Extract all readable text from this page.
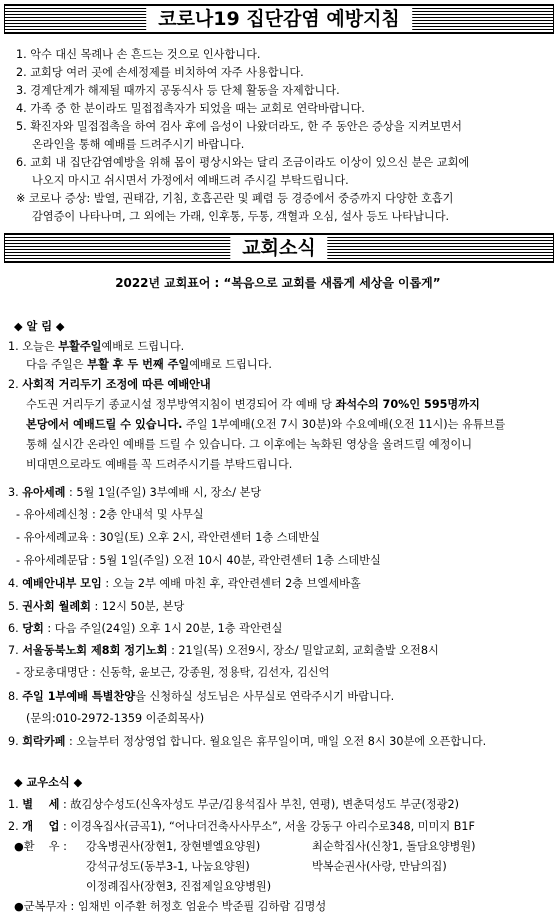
코로나19 집단감염 예방지침
1. 악수 대신 목례나 손 흔드는 것으로 인사합니다.
2. 교회당 여러 곳에 손세정제를 비치하여 자주 사용합니다.
3. 경계단계가 해제될 때까지 공동식사 등 단체 활동을 자제합니다.
4. 가족 중 한 분이라도 밀접접촉자가 되었을 때는 교회로 연락바랍니다.
5. 확진자와 밀접접촉을 하여 검사 후에 음성이 나왔더라도, 한 주 동안은 증상을 지켜보면서
온라인을 통해 예배를 드려주시기 바랍니다.
6. 교회 내 집단감염예방을 위해 몸이 평상시와는 달리 조금이라도 이상이 있으신 분은 교회에
나오지 마시고 쉬시면서 가정에서 예배드려 주시길 부탁드립니다.
※ 코로나 증상: 발열, 권태감, 기침, 호흡곤란 및 폐렴 등 경증에서 중증까지 다양한 호흡기
감염증이 나타나며, 그 외에는 가래, 인후통, 두통, 객혈과 오심, 설사 등도 나타납니다.
교회소식
2022년 교회표어 : “복음으로 교회를 새롭게 세상을 이롭게”
◆ 알 림 ◆
1. 오늘은 부활주일예배로 드립니다.
다음 주일은 부활 후 두 번째 주일예배로 드립니다.
2. 사회적 거리두기 조정에 따른 예배안내
수도권 거리두기 종교시설 정부방역지침이 변경되어 각 예배 당 좌석수의 70%인 595명까지
본당에서 예배드릴 수 있습니다. 주일 1부예배(오전 7시 30분)와 수요예배(오전 11시)는 유튜브를
통해 실시간 온라인 예배를 드릴 수 있습니다. 그 이후에는 녹화된 영상을 올려드릴 예정이니
비대면으로라도 예배를 꼭 드려주시기를 부탁드립니다.
3. 유아세례 : 5월 1일(주일) 3부예배 시, 장소/ 본당
- 유아세례신청 : 2층 안내석 및 사무실
- 유아세례교육 : 30일(토) 오후 2시, 곽안련센터 1층 스데반실
- 유아세례문답 : 5월 1일(주일) 오전 10시 40분, 곽안련센터 1층 스데반실
4. 예배안내부 모임 : 오늘 2부 예배 마친 후, 곽안련센터 2층 브엘세바홀
5. 권사회 월례회 : 12시 50분, 본당
6. 당회 : 다음 주일(24일) 오후 1시 20분, 1층 곽안련실
7. 서울동북노회 제8회 정기노회 : 21일(목) 오전9시, 장소/ 밀알교회, 교회출발 오전8시
- 장로총대명단 : 신동학, 윤보근, 강종원, 정용탁, 김선자, 김신억
8. 주일 1부예배 특별찬양을 신청하실 성도님은 사무실로 연락주시기 바랍니다.
(문의:010-2972-1359 이준희목사)
9. 희락카페 : 오늘부터 정상영업 합니다. 월요일은 휴무일이며, 매일 오전 8시 30분에 오픈합니다.
◆ 교우소식 ◆
1. 별    세 : 故김상수성도(신옥자성도 부군/김용석집사 부친, 연평), 변춘덕성도 부군(정광2)
2. 개    업 : 이경옥집사(금곡1), “어나더건축사사무소”, 서울 강동구 아리수로348, 미미지 B1F
●환    우 : 강옥병권사(장현1, 장현벧엘요양원)	최순학집사(신창1, 돌담요양병원)
강석규성도(동부3-1, 나눔요양원)	박복순권사(사랑, 만남의집)
이정례집사(장현3, 진접제일요양병원)
●군복무자 : 임채빈 이주환 허정호 엄윤수 박준필 김하람 김명성
